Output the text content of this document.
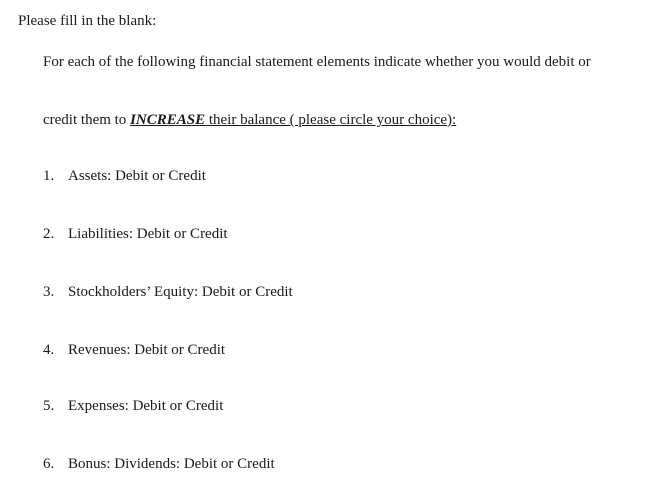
Please fill in the blank:
For each of the following financial statement elements indicate whether you would debit or
credit them to INCREASE their balance ( please circle your choice):
1. Assets: Debit or Credit
2. Liabilities: Debit or Credit
3. Stockholders’ Equity: Debit or Credit
4. Revenues: Debit or Credit
5. Expenses: Debit or Credit
6. Bonus: Dividends: Debit or Credit
